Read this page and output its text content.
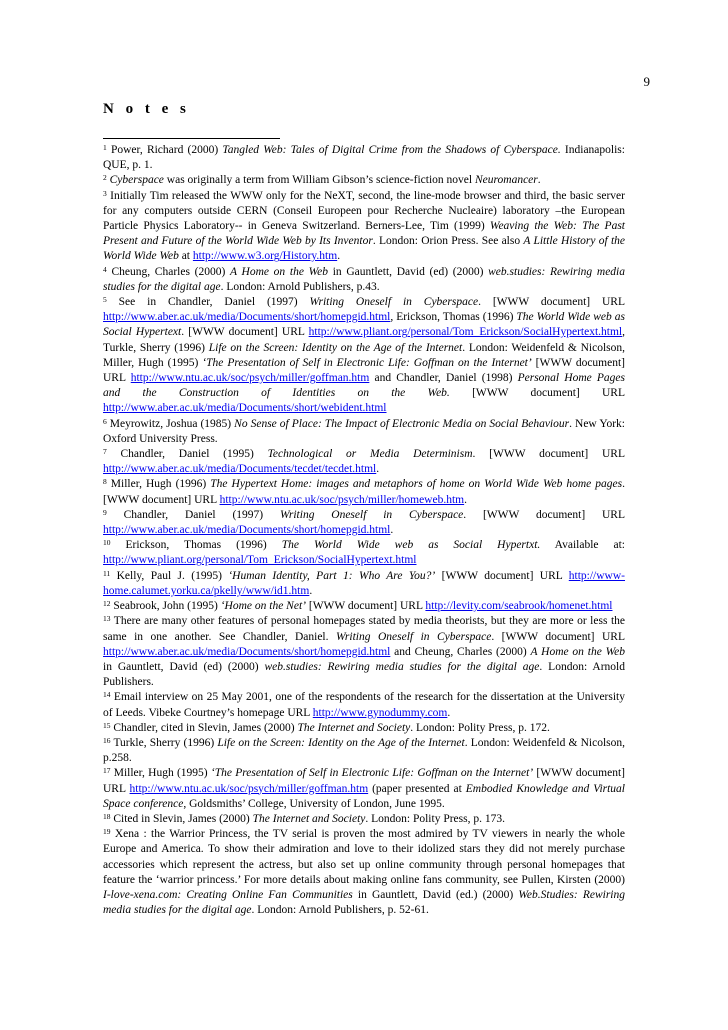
9
N o t e s
$^1$ Power, Richard (2000) Tangled Web: Tales of Digital Crime from the Shadows of Cyberspace. Indianapolis: QUE, p. 1.
$^2$ Cyberspace was originally a term from William Gibson’s science-fiction novel Neuromancer.
$^3$ Initially Tim released the WWW only for the NeXT, second, the line-mode browser and third, the basic server for any computers outside CERN (Conseil Europeen pour Recherche Nucleaire) laboratory –the European Particle Physics Laboratory-- in Geneva Switzerland. Berners-Lee, Tim (1999) Weaving the Web: The Past Present and Future of the World Wide Web by Its Inventor. London: Orion Press. See also A Little History of the World Wide Web at http://www.w3.org/History.htm.
$^4$ Cheung, Charles (2000) A Home on the Web in Gauntlett, David (ed) (2000) web.studies: Rewiring media studies for the digital age. London: Arnold Publishers, p.43.
$^5$ See in Chandler, Daniel (1997) Writing Oneself in Cyberspace. [WWW document] URL http://www.aber.ac.uk/media/Documents/short/homepgid.html, Erickson, Thomas (1996) The World Wide web as Social Hypertext. [WWW document] URL http://www.pliant.org/personal/Tom_Erickson/SocialHypertext.html, Turkle, Sherry (1996) Life on the Screen: Identity on the Age of the Internet. London: Weidenfeld & Nicolson, Miller, Hugh (1995) ‘The Presentation of Self in Electronic Life: Goffman on the Internet’ [WWW document] URL http://www.ntu.ac.uk/soc/psych/miller/goffman.htm and Chandler, Daniel (1998) Personal Home Pages and the Construction of Identities on the Web. [WWW document] URL http://www.aber.ac.uk/media/Documents/short/webident.html
$^6$ Meyrowitz, Joshua (1985) No Sense of Place: The Impact of Electronic Media on Social Behaviour. New York: Oxford University Press.
$^7$ Chandler, Daniel (1995) Technological or Media Determinism. [WWW document] URL http://www.aber.ac.uk/media/Documents/tecdet/tecdet.html.
$^8$ Miller, Hugh (1996) The Hypertext Home: images and metaphors of home on World Wide Web home pages. [WWW document] URL http://www.ntu.ac.uk/soc/psych/miller/homeweb.htm.
$^9$ Chandler, Daniel (1997) Writing Oneself in Cyberspace. [WWW document] URL http://www.aber.ac.uk/media/Documents/short/homepgid.html.
$^{10}$ Erickson, Thomas (1996) The World Wide web as Social Hypertxt. Available at: http://www.pliant.org/personal/Tom_Erickson/SocialHypertext.html
$^{11}$ Kelly, Paul J. (1995) ‘Human Identity, Part 1: Who Are You?’ [WWW document] URL http://www-home.calumet.yorku.ca/pkelly/www/id1.htm.
$^{12}$ Seabrook, John (1995) ‘Home on the Net’ [WWW document] URL http://levity.com/seabrook/homenet.html
$^{13}$ There are many other features of personal homepages stated by media theorists, but they are more or less the same in one another. See Chandler, Daniel. Writing Oneself in Cyberspace. [WWW document] URL http://www.aber.ac.uk/media/Documents/short/homepgid.html and Cheung, Charles (2000) A Home on the Web in Gauntlett, David (ed) (2000) web.studies: Rewiring media studies for the digital age. London: Arnold Publishers.
$^{14}$ Email interview on 25 May 2001, one of the respondents of the research for the dissertation at the University of Leeds. Vibeke Courtney’s homepage URL http://www.gynodummy.com.
$^{15}$ Chandler, cited in Slevin, James (2000) The Internet and Society. London: Polity Press, p. 172.
$^{16}$ Turkle, Sherry (1996) Life on the Screen: Identity on the Age of the Internet. London: Weidenfeld & Nicolson, p.258.
$^{17}$ Miller, Hugh (1995) ‘The Presentation of Self in Electronic Life: Goffman on the Internet’ [WWW document] URL http://www.ntu.ac.uk/soc/psych/miller/goffman.htm (paper presented at Embodied Knowledge and Virtual Space conference, Goldsmiths’ College, University of London, June 1995.
$^{18}$ Cited in Slevin, James (2000) The Internet and Society. London: Polity Press, p. 173.
$^{19}$ Xena : the Warrior Princess, the TV serial is proven the most admired by TV viewers in nearly the whole Europe and America. To show their admiration and love to their idolized stars they did not merely purchase accessories which represent the actress, but also set up online community through personal homepages that feature the ‘warrior princess.’ For more details about making online fans community, see Pullen, Kirsten (2000) I-love-xena.com: Creating Online Fan Communities in Gauntlett, David (ed.) (2000) Web.Studies: Rewiring media studies for the digital age. London: Arnold Publishers, p. 52-61.
